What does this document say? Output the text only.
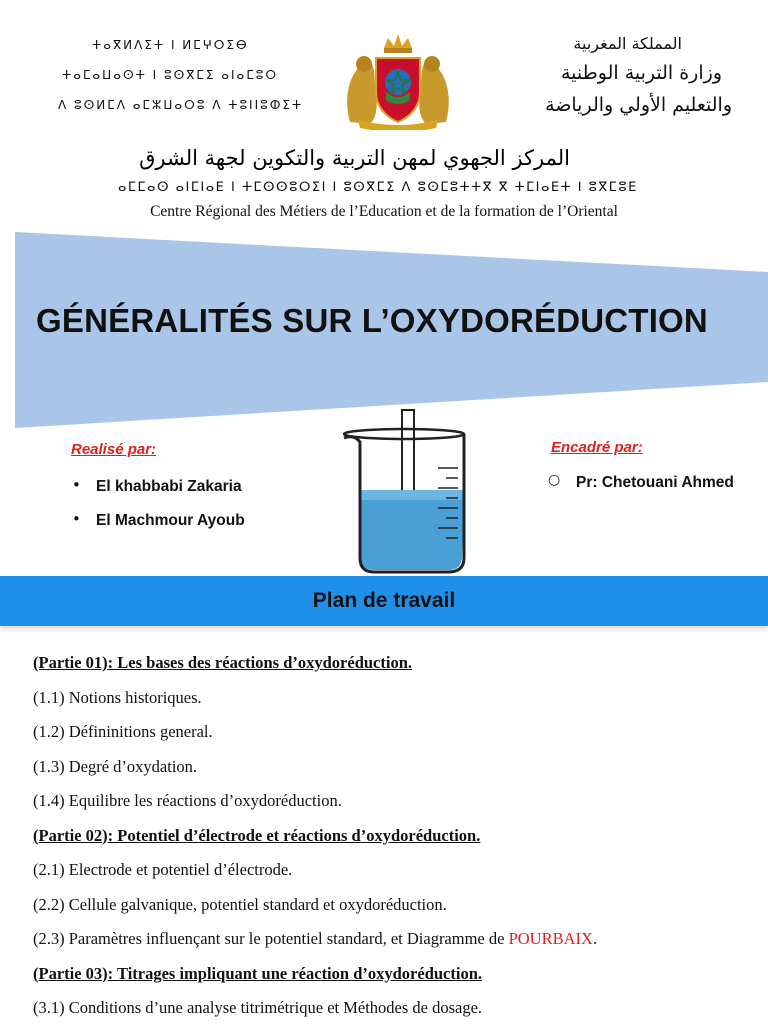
ⵜⴰⴳⵍⴷⵉⵜ ⵏ ⵍⵎⵖⵔⵉⴱ
ⵜⴰⵎⴰⵡⴰⵙⵜ ⵏ ⵓⵙⴳⵎⵉ ⴰⵏⴰⵎⵓⵔ
ⴷ ⵓⵙⵍⵎⴷ ⴰⵎⵣⵡⴰⵔⵓ ⴷ ⵜⵓⵏⵏⵓⵀⵉⵜ
المملكة المغربية
وزارة التربية الوطنية
والتعليم الأولي والرياضة
المركز الجهوي لمهن التربية والتكوين لجهة الشرق
ⴰⵎⵎⴰⵙ ⴰⵏⵎⵏⴰⴹ ⵏ ⵜⵎⵙⵙⵓⵔⵉⵏ ⵏ ⵓⵙⴳⵎⵉ ⴷ ⵓⵙⵎⵓⵜⵜⴳ ⴳ ⵜⵎⵏⴰⴹⵜ ⵏ ⵓⴳⵎⵓⴹ
Centre Régional des Métiers de l’Education et de la formation de l’Oriental
GÉNÉRALITÉS SUR L’OXYDORÉDUCTION
Realisé par:
• El khabbabi Zakaria
• El Machmour Ayoub
Encadré par:
○ Pr: Chetouani Ahmed
Plan de travail
(Partie 01): Les bases des réactions d’oxydoréduction.
(1.1) Notions historiques.
(1.2) Défininitions general.
(1.3) Degré d’oxydation.
(1.4) Equilibre les réactions d’oxydoréduction.
(Partie 02): Potentiel d’électrode et réactions d’oxydoréduction.
(2.1) Electrode et potentiel d’électrode.
(2.2) Cellule galvanique, potentiel standard et oxydoréduction.
(2.3) Paramètres influençant sur le potentiel standard, et Diagramme de POURBAIX.
(Partie 03): Titrages impliquant une réaction d’oxydoréduction.
(3.1) Conditions d’une analyse titrimétrique et Méthodes de dosage.
